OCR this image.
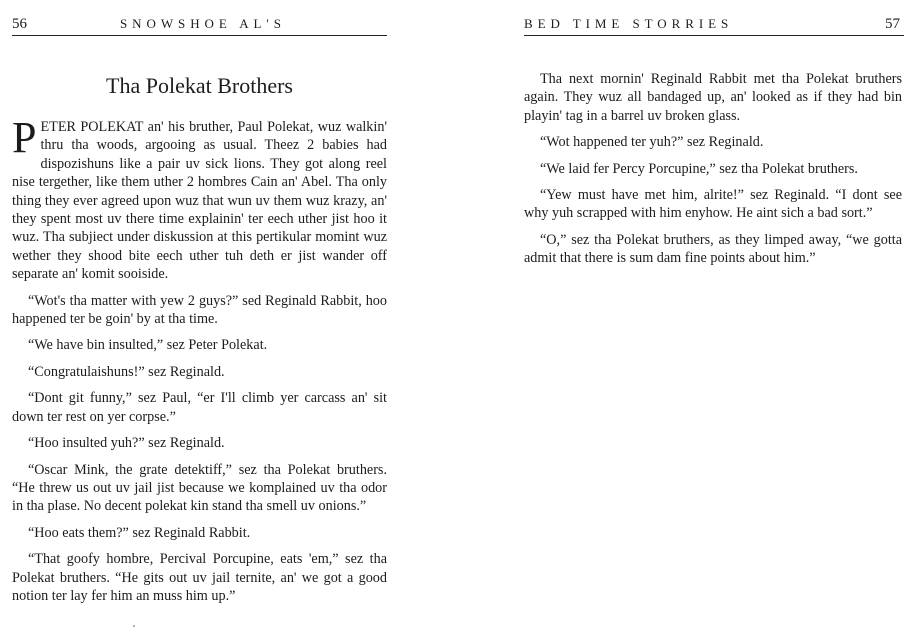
56	SNOWSHOE AL'S
Tha Polekat Brothers

PETER POLEKAT an' his bruther, Paul Polekat, wuz walkin' thru tha woods, argooing as usual. Theez 2 babies had dispozishuns like a pair uv sick lions. They got along reel nise tergether, like them uther 2 hombres Cain an' Abel. Tha only thing they ever agreed upon wuz that wun uv them wuz krazy, an' they spent most uv there time explainin' ter eech uther jist hoo it wuz. Tha subjiect under diskussion at this pertikular momint wuz wether they shood bite eech uther tuh deth er jist wander off separate an' komit sooiside.

“Wot's tha matter with yew 2 guys?” sed Reginald Rabbit, hoo happened ter be goin' by at tha time.

“We have bin insulted,” sez Peter Polekat.

“Congratulaishuns!” sez Reginald.

“Dont git funny,” sez Paul, “er I'll climb yer carcass an' sit down ter rest on yer corpse.”

“Hoo insulted yuh?” sez Reginald.

“Oscar Mink, the grate detektiff,” sez tha Polekat bruthers. “He threw us out uv jail jist because we komplained uv tha odor in tha plase. No decent polekat kin stand tha smell uv onions.”

“Hoo eats them?” sez Reginald Rabbit.

“That goofy hombre, Percival Porcupine, eats 'em,” sez tha Polekat bruthers. “He gits out uv jail ternite, an' we got a good notion ter lay fer him an muss him up.”

BED TIME STORRIES	57

Tha next mornin' Reginald Rabbit met tha Polekat bruthers again. They wuz all bandaged up, an' looked as if they had bin playin' tag in a barrel uv broken glass.

“Wot happened ter yuh?” sez Reginald.

“We laid fer Percy Porcupine,” sez tha Polekat bruthers.

“Yew must have met him, alrite!” sez Reginald. “I dont see why yuh scrapped with him enyhow. He aint sich a bad sort.”

“O,” sez tha Polekat bruthers, as they limped away, “we gotta admit that there is sum dam fine points about him.”
